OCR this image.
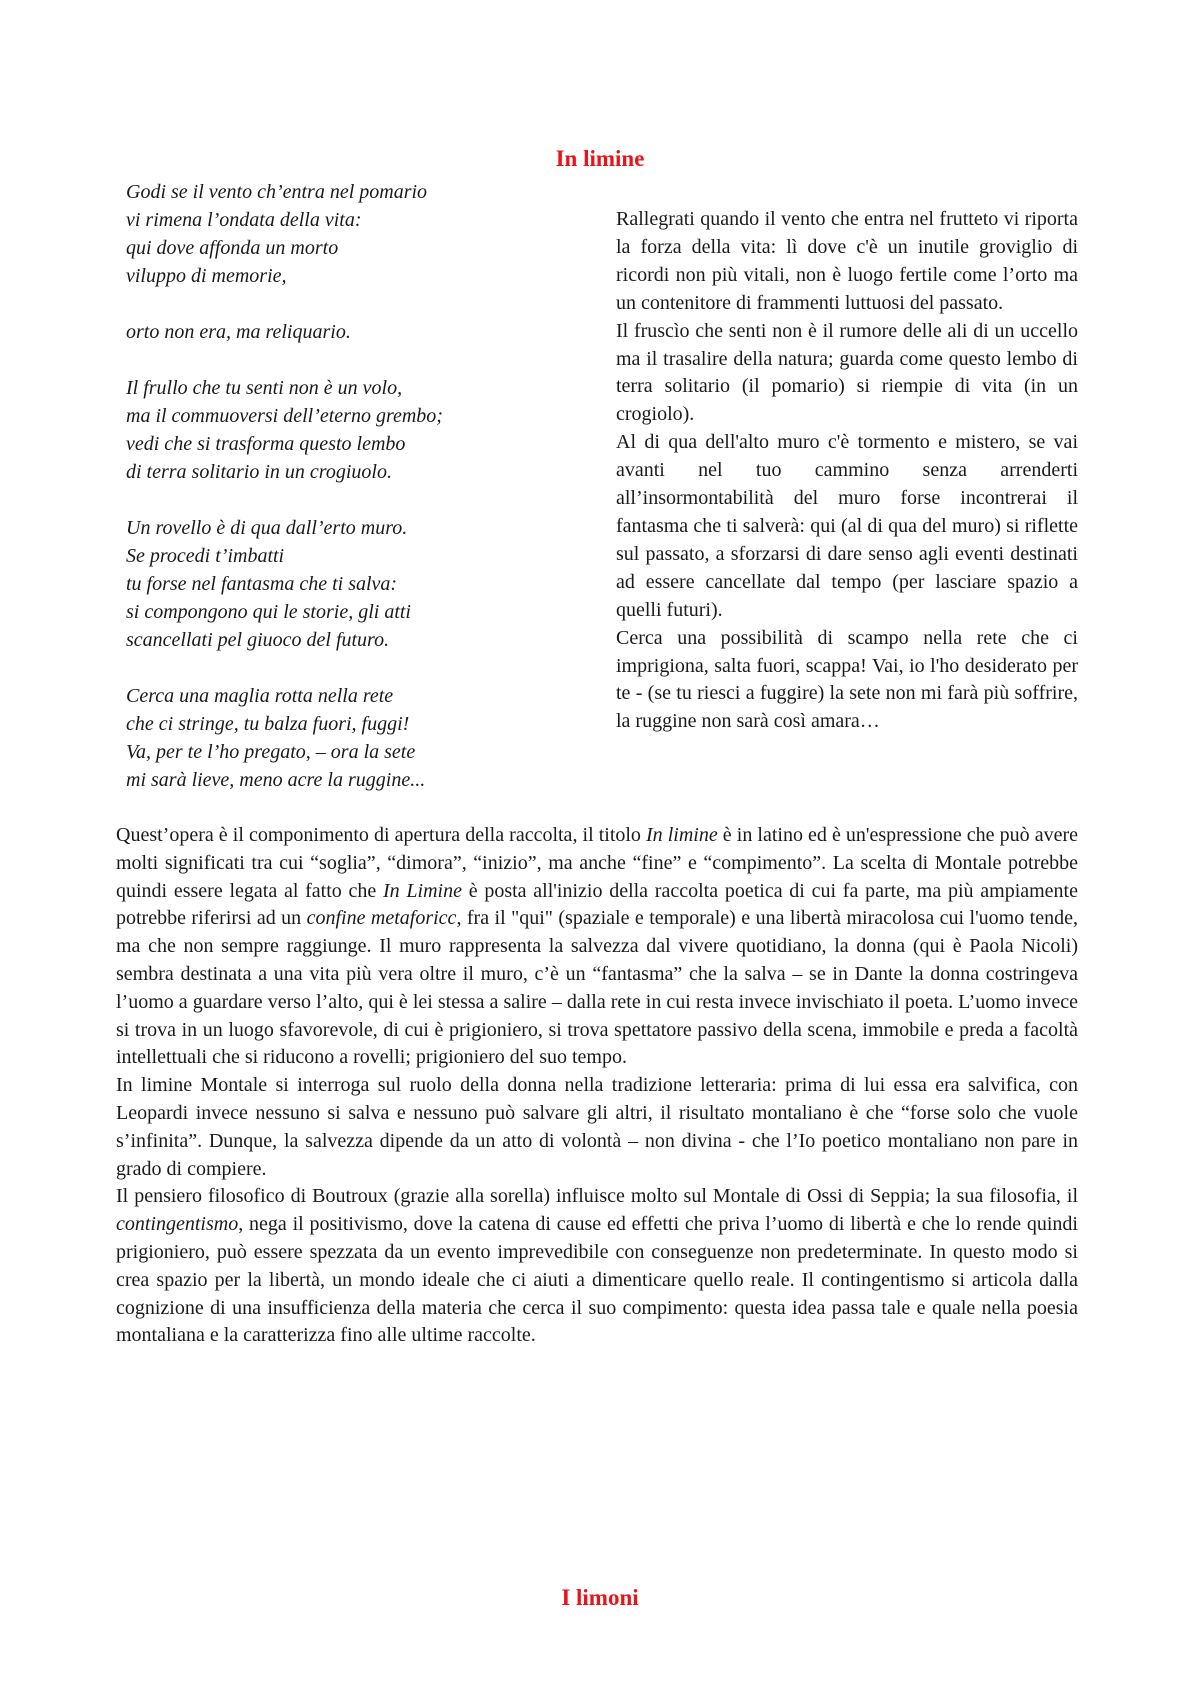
In limine
Godi se il vento ch’entra nel pomario
vi rimena l’ondata della vita:
qui dove affonda un morto
viluppo di memorie,
orto non era, ma reliquario.
Il frullo che tu senti non è un volo,
ma il commuoversi dell’eterno grembo;
vedi che si trasforma questo lembo
di terra solitario in un crogiuolo.
Un rovello è di qua dall’erto muro.
Se procedi t’imbatti
tu forse nel fantasma che ti salva:
si compongono qui le storie, gli atti
scancellati pel giuoco del futuro.
Cerca una maglia rotta nella rete
che ci stringe, tu balza fuori, fuggi!
Va, per te l’ho pregato, – ora la sete
mi sarà lieve, meno acre la ruggine...

Rallegrati quando il vento che entra nel frutteto vi riporta la forza della vita: lì dove c'è un inutile groviglio di ricordi non più vitali, non è luogo fertile come l’orto ma un contenitore di frammenti luttuosi del passato.

Il fruscìo che senti non è il rumore delle ali di un uccello ma il trasalire della natura; guarda come questo lembo di terra solitario (il pomario) si riempie di vita (in un crogiolo).

Al di qua dell'alto muro c'è tormento e mistero, se vai avanti nel tuo cammino senza arrenderti all’insormontabilità del muro forse incontrerai il fantasma che ti salverà: qui (al di qua del muro) si riflette sul passato, a sforzarsi di dare senso agli eventi destinati ad essere cancellate dal tempo (per lasciare spazio a quelli futuri).

Cerca una possibilità di scampo nella rete che ci imprigiona, salta fuori, scappa! Vai, io l'ho desiderato per te - (se tu riesci a fuggire) la sete non mi farà più soffrire, la ruggine non sarà così amara…

Quest’opera è il componimento di apertura della raccolta, il titolo In limine è in latino ed è un'espressione che può avere molti significati tra cui “soglia”, “dimora”, “inizio”, ma anche “fine” e “compimento”. La scelta di Montale potrebbe quindi essere legata al fatto che In Limine è posta all'inizio della raccolta poetica di cui fa parte, ma più ampiamente potrebbe riferirsi ad un confine metaforicc, fra il "qui" (spaziale e temporale) e una libertà miracolosa cui l'uomo tende, ma che non sempre raggiunge. Il muro rappresenta la salvezza dal vivere quotidiano, la donna (qui è Paola Nicoli) sembra destinata a una vita più vera oltre il muro, c’è un “fantasma” che la salva – se in Dante la donna costringeva l’uomo a guardare verso l’alto, qui è lei stessa a salire – dalla rete in cui resta invece invischiato il poeta. L’uomo invece si trova in un luogo sfavorevole, di cui è prigioniero, si trova spettatore passivo della scena, immobile e preda a facoltà intellettuali che si riducono a rovelli; prigioniero del suo tempo.

In limine Montale si interroga sul ruolo della donna nella tradizione letteraria: prima di lui essa era salvifica, con Leopardi invece nessuno si salva e nessuno può salvare gli altri, il risultato montaliano è che “forse solo che vuole s’infinita”. Dunque, la salvezza dipende da un atto di volontà – non divina - che l’Io poetico montaliano non pare in grado di compiere.

Il pensiero filosofico di Boutroux (grazie alla sorella) influisce molto sul Montale di Ossi di Seppia; la sua filosofia, il contingentismo, nega il positivismo, dove la catena di cause ed effetti che priva l’uomo di libertà e che lo rende quindi prigioniero, può essere spezzata da un evento imprevedibile con conseguenze non predeterminate. In questo modo si crea spazio per la libertà, un mondo ideale che ci aiuti a dimenticare quello reale. Il contingentismo si articola dalla cognizione di una insufficienza della materia che cerca il suo compimento: questa idea passa tale e quale nella poesia montaliana e la caratterizza fino alle ultime raccolte.

I limoni
